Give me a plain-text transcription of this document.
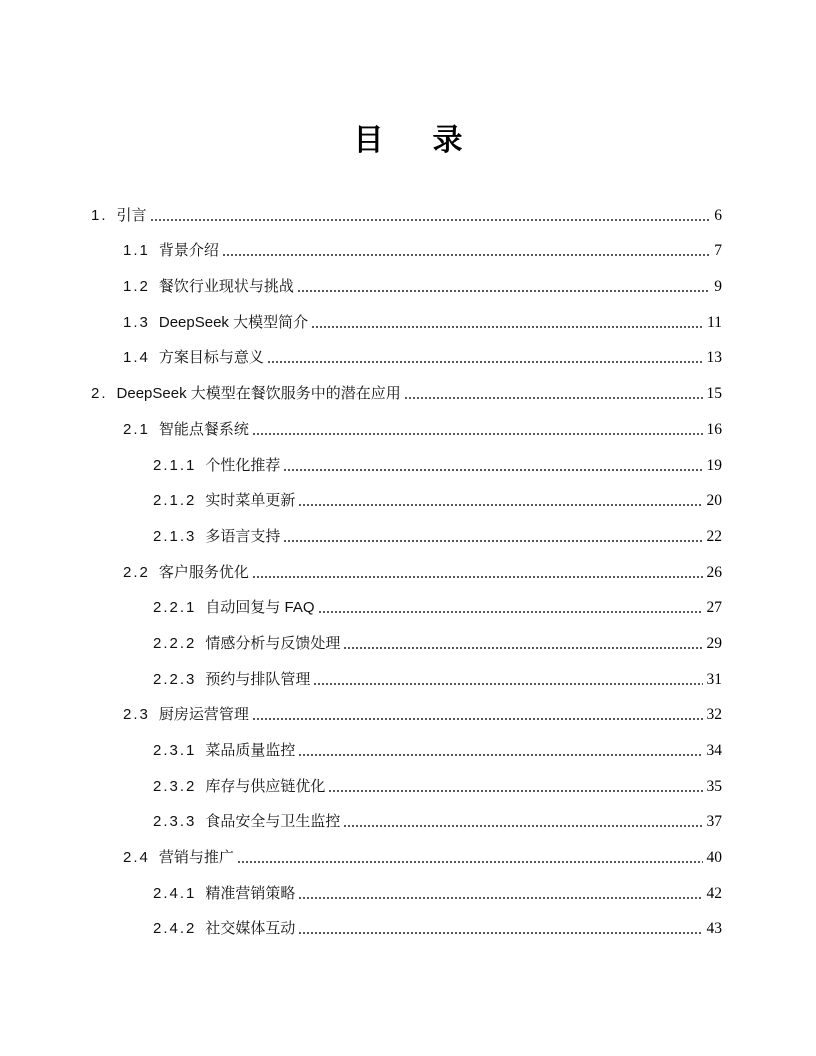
目 录
1. 引言	6
1.1 背景介绍	7
1.2 餐饮行业现状与挑战	9
1.3 DeepSeek 大模型简介	11
1.4 方案目标与意义	13
2. DeepSeek 大模型在餐饮服务中的潜在应用	15
2.1 智能点餐系统	16
2.1.1 个性化推荐	19
2.1.2 实时菜单更新	20
2.1.3 多语言支持	22
2.2 客户服务优化	26
2.2.1 自动回复与 FAQ	27
2.2.2 情感分析与反馈处理	29
2.2.3 预约与排队管理	31
2.3 厨房运营管理	32
2.3.1 菜品质量监控	34
2.3.2 库存与供应链优化	35
2.3.3 食品安全与卫生监控	37
2.4 营销与推广	40
2.4.1 精准营销策略	42
2.4.2 社交媒体互动	43
